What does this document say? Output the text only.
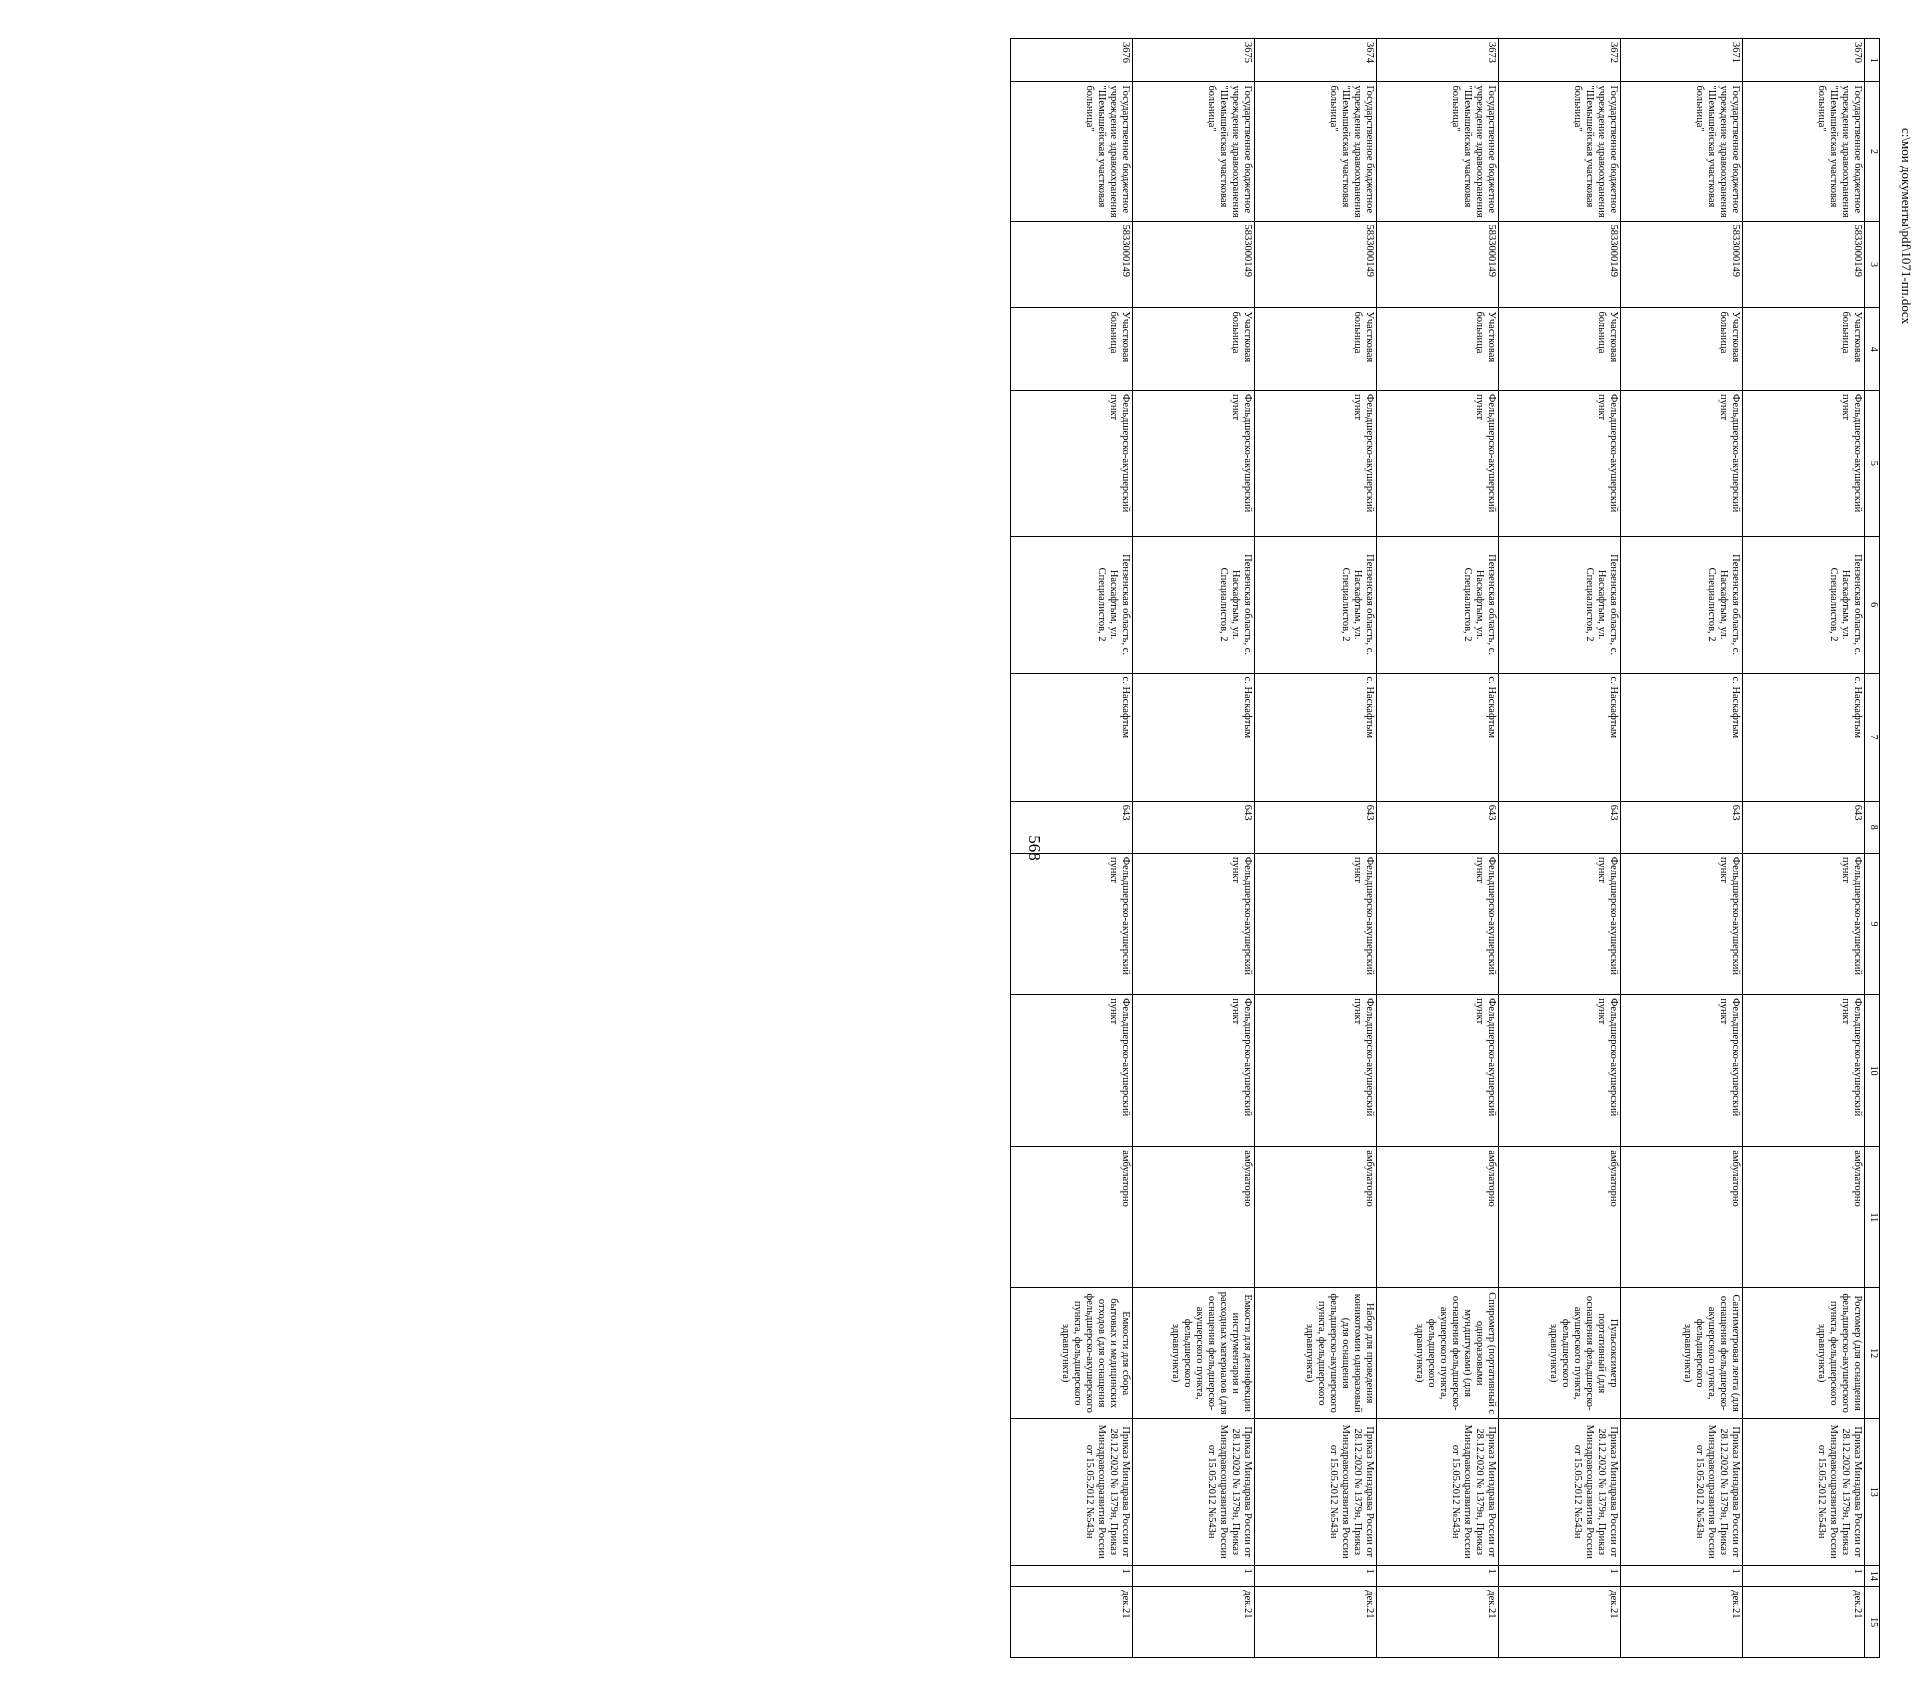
c:\мои документы\pdf\1071-пп.docx
568
1	2	3	4	5	6	7	8	9	10	11	12	13	14	15
3670	Государственное бюджетное учреждение здравоохранения "Шемышейская участковая больница"	5833000149	Участковая больница	Фельдшерско-акушерский пункт	Пензенская область, с. Наскафтым, ул. Специалистов, 2	с. Наскафтым	643	Фельдшерско-акушерский пункт	Фельдшерско-акушерский пункт	амбулаторно	Ростомер (для оснащения фельдшерско-акушерского пункта, фельдшерского здравпункта)	Приказ Минздрава России от 28.12.2020 № 1379н, Приказ Минздравсоцразвития России от 15.05.2012 №543н	1	дек.21
3671	Государственное бюджетное учреждение здравоохранения "Шемышейская участковая больница"	5833000149	Участковая больница	Фельдшерско-акушерский пункт	Пензенская область, с. Наскафтым, ул. Специалистов, 2	с. Наскафтым	643	Фельдшерско-акушерский пункт	Фельдшерско-акушерский пункт	амбулаторно	Сантиметровая лента (для оснащения фельдшерско-акушерского пункта, фельдшерского здравпункта)	Приказ Минздрава России от 28.12.2020 № 1379н, Приказ Минздравсоцразвития России от 15.05.2012 №543н	1	дек.21
3672	Государственное бюджетное учреждение здравоохранения "Шемышейская участковая больница"	5833000149	Участковая больница	Фельдшерско-акушерский пункт	Пензенская область, с. Наскафтым, ул. Специалистов, 2	с. Наскафтым	643	Фельдшерско-акушерский пункт	Фельдшерско-акушерский пункт	амбулаторно	Пульсоксиметр портативный (для оснащения фельдшерско-акушерского пункта, фельдшерского здравпункта)	Приказ Минздрава России от 28.12.2020 № 1379н, Приказ Минздравсоцразвития России от 15.05.2012 №543н	1	дек.21
3673	Государственное бюджетное учреждение здравоохранения "Шемышейская участковая больница"	5833000149	Участковая больница	Фельдшерско-акушерский пункт	Пензенская область, с. Наскафтым, ул. Специалистов, 2	с. Наскафтым	643	Фельдшерско-акушерский пункт	Фельдшерско-акушерский пункт	амбулаторно	Спирометр (портативный с одноразовыми мундштуками) (для оснащения фельдшерско-акушерского пункта, фельдшерского здравпункта)	Приказ Минздрава России от 28.12.2020 № 1379н, Приказ Минздравсоцразвития России от 15.05.2012 №543н	1	дек.21
3674	Государственное бюджетное учреждение здравоохранения "Шемышейская участковая больница"	5833000149	Участковая больница	Фельдшерско-акушерский пункт	Пензенская область, с. Наскафтым, ул. Специалистов, 2	с. Наскафтым	643	Фельдшерско-акушерский пункт	Фельдшерско-акушерский пункт	амбулаторно	Набор для проведения коникотомии одноразовый (для оснащения фельдшерско-акушерского пункта, фельдшерского здравпункта)	Приказ Минздрава России от 28.12.2020 № 1379н, Приказ Минздравсоцразвития России от 15.05.2012 №543н	1	дек.21
3675	Государственное бюджетное учреждение здравоохранения "Шемышейская участковая больница"	5833000149	Участковая больница	Фельдшерско-акушерский пункт	Пензенская область, с. Наскафтым, ул. Специалистов, 2	с. Наскафтым	643	Фельдшерско-акушерский пункт	Фельдшерско-акушерский пункт	амбулаторно	Емкости для дезинфекции инструментария и расходных материалов (для оснащения фельдшерско-акушерского пункта, фельдшерского здравпункта)	Приказ Минздрава России от 28.12.2020 № 1379н, Приказ Минздравсоцразвития России от 15.05.2012 №543н	1	дек.21
3676	Государственное бюджетное учреждение здравоохранения "Шемышейская участковая больница"	5833000149	Участковая больница	Фельдшерско-акушерский пункт	Пензенская область, с. Наскафтым, ул. Специалистов, 2	с. Наскафтым	643	Фельдшерско-акушерский пункт	Фельдшерско-акушерский пункт	амбулаторно	Емкости для сбора бытовых и медицинских отходов (для оснащения фельдшерско-акушерского пункта, фельдшерского здравпункта)	Приказ Минздрава России от 28.12.2020 № 1379н, Приказ Минздравсоцразвития России от 15.05.2012 №543н	1	дек.21
